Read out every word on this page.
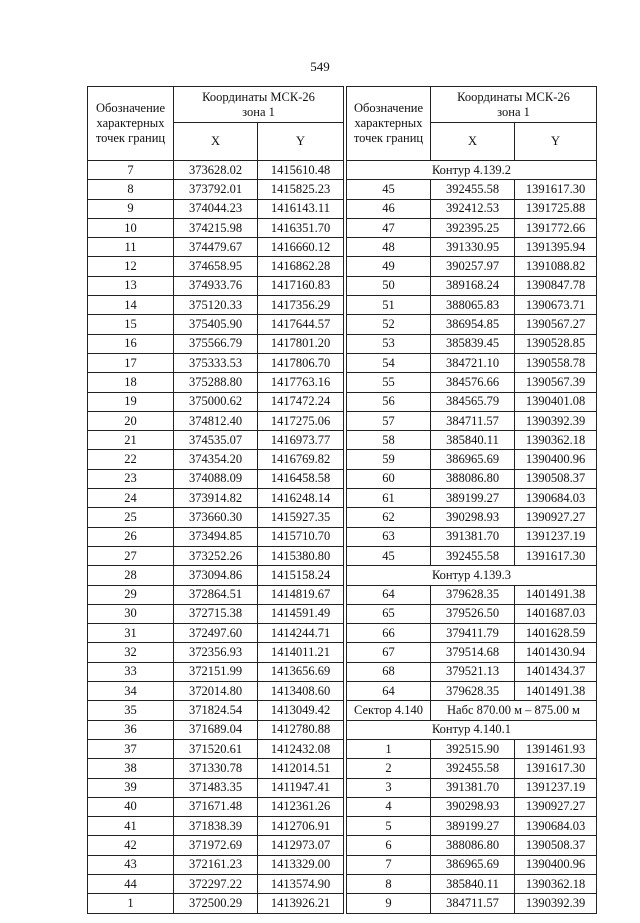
549
Обозначение характерных точек границ	Координаты МСК-26
зона 1	

	X	Y
7	373628.02	1415610.48
8	373792.01	1415825.23
9	374044.23	1416143.11
10	374215.98	1416351.70
11	374479.67	1416660.12
12	374658.95	1416862.28
13	374933.76	1417160.83
14	375120.33	1417356.29
15	375405.90	1417644.57
16	375566.79	1417801.20
17	375333.53	1417806.70
18	375288.80	1417763.16
19	375000.62	1417472.24
20	374812.40	1417275.06
21	374535.07	1416973.77
22	374354.20	1416769.82
23	374088.09	1416458.58
24	373914.82	1416248.14
25	373660.30	1415927.35
26	373494.85	1415710.70
27	373252.26	1415380.80
28	373094.86	1415158.24
29	372864.51	1414819.67
30	372715.38	1414591.49
31	372497.60	1414244.71
32	372356.93	1414011.21
33	372151.99	1413656.69
34	372014.80	1413408.60
35	371824.54	1413049.42
36	371689.04	1412780.88
37	371520.61	1412432.08
38	371330.78	1412014.51
39	371483.35	1411947.41
40	371671.48	1412361.26
41	371838.39	1412706.91
42	371972.69	1412973.07
43	372161.23	1413329.00
44	372297.22	1413574.90
1	372500.29	1413926.21
Обозначение характерных точек границ	Координаты МСК-26
зона 1	

	X	Y
Контур 4.139.2		
45	392455.58	1391617.30
46	392412.53	1391725.88
47	392395.25	1391772.66
48	391330.95	1391395.94
49	390257.97	1391088.82
50	389168.24	1390847.78
51	388065.83	1390673.71
52	386954.85	1390567.27
53	385839.45	1390528.85
54	384721.10	1390558.78
55	384576.66	1390567.39
56	384565.79	1390401.08
57	384711.57	1390392.39
58	385840.11	1390362.18
59	386965.69	1390400.96
60	388086.80	1390508.37
61	389199.27	1390684.03
62	390298.93	1390927.27
63	391381.70	1391237.19
45	392455.58	1391617.30
Контур 4.139.3		
64	379628.35	1401491.38
65	379526.50	1401687.03
66	379411.79	1401628.59
67	379514.68	1401430.94
68	379521.13	1401434.37
64	379628.35	1401491.38
Сектор 4.140	Набс 870.00 м – 875.00 м	
Контур 4.140.1		
1	392515.90	1391461.93
2	392455.58	1391617.30
3	391381.70	1391237.19
4	390298.93	1390927.27
5	389199.27	1390684.03
6	388086.80	1390508.37
7	386965.69	1390400.96
8	385840.11	1390362.18
9	384711.57	1390392.39
